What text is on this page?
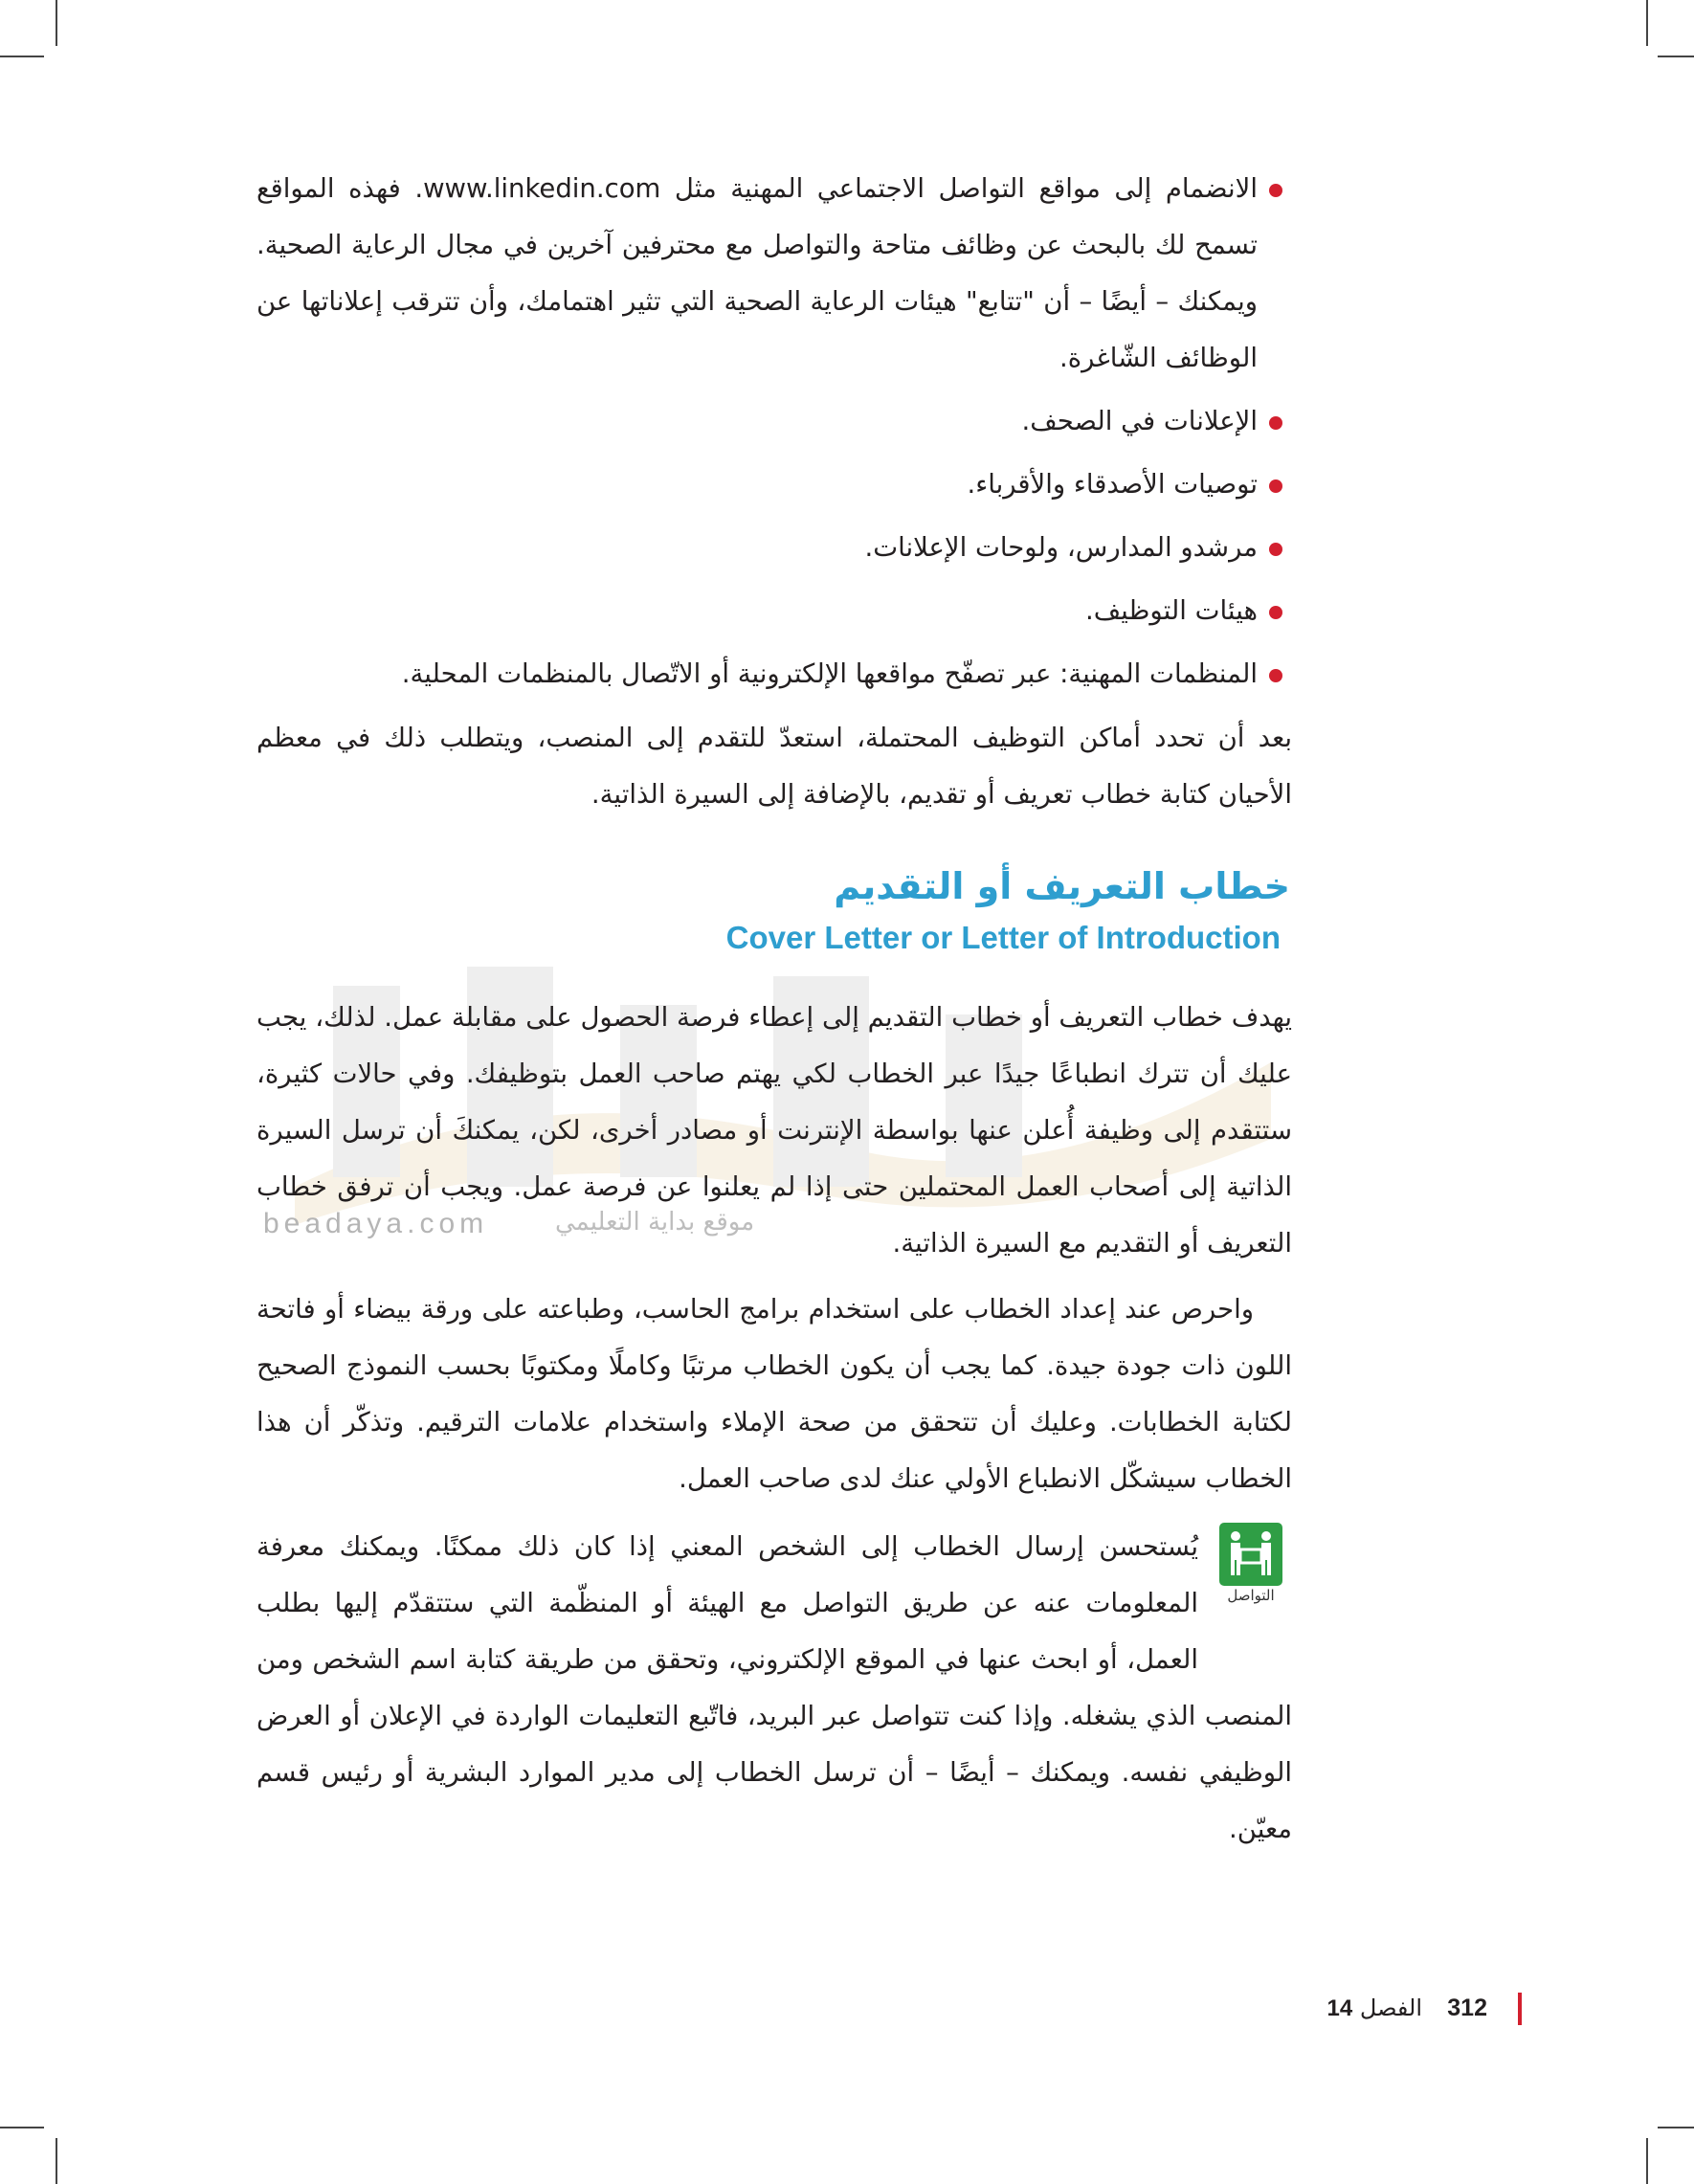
beadaya.com	موقع بداية التعليمي
الانضمام إلى مواقع التواصل الاجتماعي المهنية مثل www.linkedin.com. فهذه المواقع تسمح لك بالبحث عن وظائف متاحة والتواصل مع محترفين آخرين في مجال الرعاية الصحية. ويمكنك – أيضًا – أن "تتابع" هيئات الرعاية الصحية التي تثير اهتمامك، وأن تترقب إعلاناتها عن الوظائف الشّاغرة.
الإعلانات في الصحف.
توصيات الأصدقاء والأقرباء.
مرشدو المدارس، ولوحات الإعلانات.
هيئات التوظيف.
المنظمات المهنية: عبر تصفّح مواقعها الإلكترونية أو الاتّصال بالمنظمات المحلية.

بعد أن تحدد أماكن التوظيف المحتملة، استعدّ للتقدم إلى المنصب، ويتطلب ذلك في معظم الأحيان كتابة خطاب تعريف أو تقديم، بالإضافة إلى السيرة الذاتية.

خطاب التعريف أو التقديم
Cover Letter or Letter of Introduction

يهدف خطاب التعريف أو خطاب التقديم إلى إعطاء فرصة الحصول على مقابلة عمل. لذلك، يجب عليك أن تترك انطباعًا جيدًا عبر الخطاب لكي يهتم صاحب العمل بتوظيفك. وفي حالات كثيرة، ستتقدم إلى وظيفة أُعلن عنها بواسطة الإنترنت أو مصادر أخرى، لكن، يمكنكَ أن ترسل السيرة الذاتية إلى أصحاب العمل المحتملين حتى إذا لم يعلنوا عن فرصة عمل. ويجب أن ترفق خطاب التعريف أو التقديم مع السيرة الذاتية.

واحرص عند إعداد الخطاب على استخدام برامج الحاسب، وطباعته على ورقة بيضاء أو فاتحة اللون ذات جودة جيدة. كما يجب أن يكون الخطاب مرتبًا وكاملًا ومكتوبًا بحسب النموذج الصحيح لكتابة الخطابات. وعليك أن تتحقق من صحة الإملاء واستخدام علامات الترقيم. وتذكّر أن هذا الخطاب سيشكّل الانطباع الأولي عنك لدى صاحب العمل.

التواصل

يُستحسن إرسال الخطاب إلى الشخص المعني إذا كان ذلك ممكنًا. ويمكنك معرفة المعلومات عنه عن طريق التواصل مع الهيئة أو المنظّمة التي ستتقدّم إليها بطلب العمل، أو ابحث عنها في الموقع الإلكتروني، وتحقق من طريقة كتابة اسم الشخص ومن المنصب الذي يشغله. وإذا كنت تتواصل عبر البريد، فاتّبع التعليمات الواردة في الإعلان أو العرض الوظيفي نفسه. ويمكنك – أيضًا – أن ترسل الخطاب إلى مدير الموارد البشرية أو رئيس قسم معيّن.

312
الفصل 14
